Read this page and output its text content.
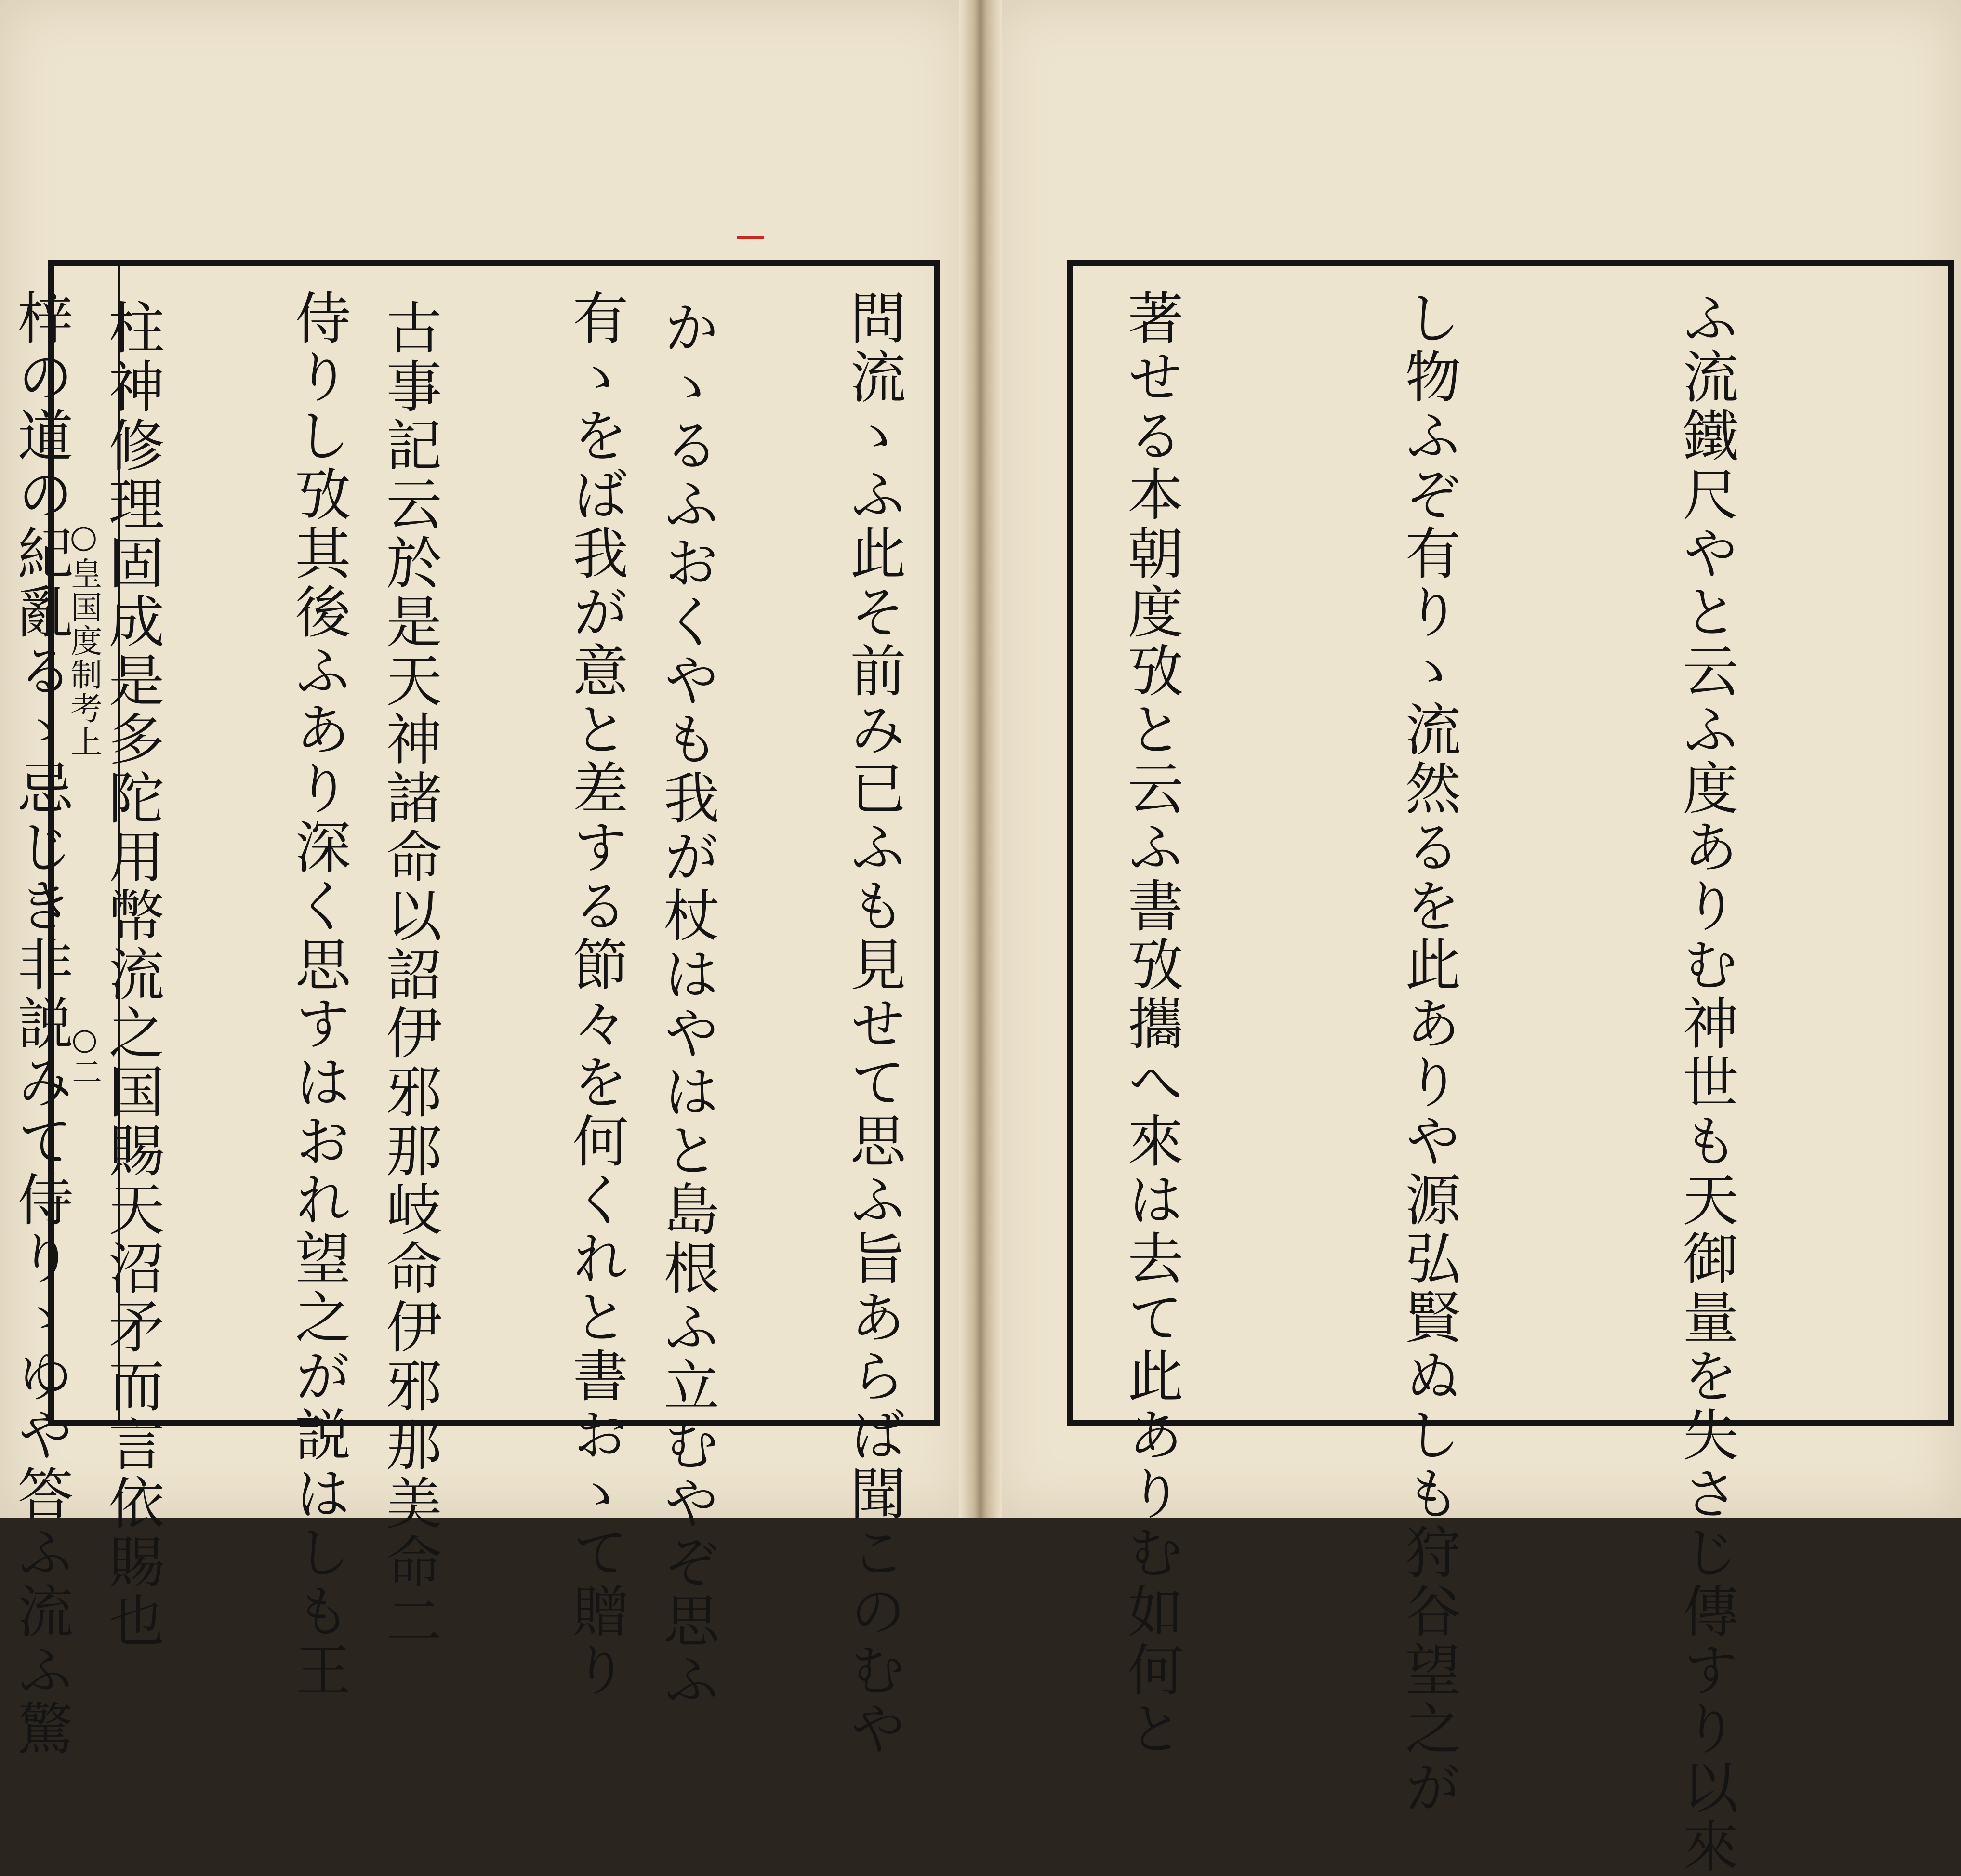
○皇国度制考上
○二

	かゝるふおくやも我が杖はやはと島根ふ立むやぞ思ふ

古事記云於是天神諸命以詔伊邪那岐命伊邪那美命二

柱神修理固成是多陀用幣流之国賜天沼矛而言依賜也

	ふ流鐵尺やと云ふ度ありむ神世も天御量を失さじ傳すり以來

し物ふぞ有りゝ流然るを此ありや源弘賢ぬしも狩谷望之が

著せる本朝度攷と云ふ書攷攜へ來は去て此ありむ如何と

問流ゝふ此そ前み已ふも見せて思ふ旨あらば聞このむや

有ゝをば我が意と差する節々を何くれと書おゝて贈り

侍りし攷其後ふあり深く思すはおれ望之が説はしも王

梓の道の紀亂るゝ忌じき非説みて侍りゝゆや答ふ流ふ驚
